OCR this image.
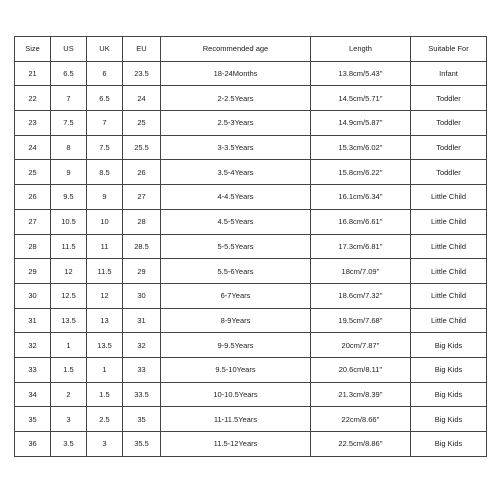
Size	US	UK	EU	Recommended age	Length	Suitable For
21	6.5	6	23.5	18-24Months	13.8cm/5.43''	Infant
22	7	6.5	24	2-2.5Years	14.5cm/5.71''	Toddler
23	7.5	7	25	2.5-3Years	14.9cm/5.87''	Toddler
24	8	7.5	25.5	3-3.5Years	15.3cm/6.02''	Toddler
25	9	8.5	26	3.5-4Years	15.8cm/6.22''	Toddler
26	9.5	9	27	4-4.5Years	16.1cm/6.34''	Little Child
27	10.5	10	28	4.5-5Years	16.8cm/6.61''	Little Child
28	11.5	11	28.5	5-5.5Years	17.3cm/6.81''	Little Child
29	12	11.5	29	5.5-6Years	18cm/7.09''	Little Child
30	12.5	12	30	6-7Years	18.6cm/7.32''	Little Child
31	13.5	13	31	8-9Years	19.5cm/7.68''	Little Child
32	1	13.5	32	9-9.5Years	20cm/7.87''	Big Kids
33	1.5	1	33	9.5-10Years	20.6cm/8.11''	Big Kids
34	2	1.5	33.5	10-10.5Years	21.3cm/8.39''	Big Kids
35	3	2.5	35	11-11.5Years	22cm/8.66''	Big Kids
36	3.5	3	35.5	11.5-12Years	22.5cm/8.86''	Big Kids
